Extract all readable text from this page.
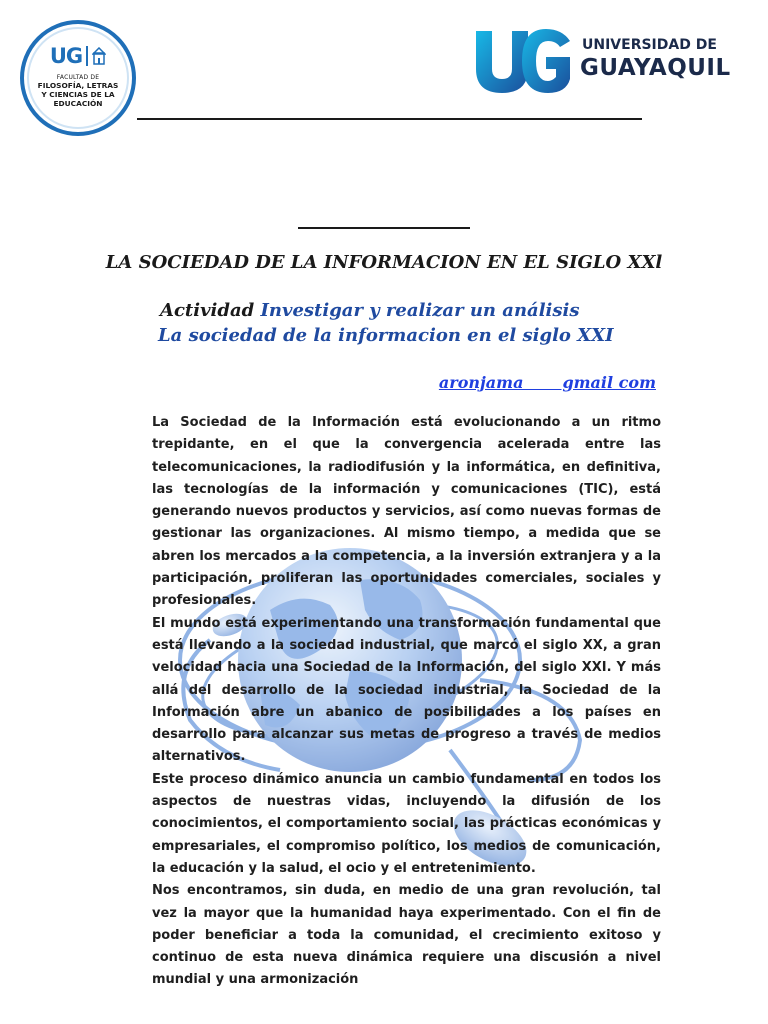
UG
FACULTAD DE
FILOSOFÍA, LETRAS
Y CIENCIAS DE LA
EDUCACIÓN
UNIVERSIDAD DE
GUAYAQUIL
LA SOCIEDAD DE LA INFORMACION EN EL SIGLO XXl
Actividad Investigar y realizar un análisis
La sociedad de la informacion en el siglo XXI
aronjama       gmail com

La Sociedad de la Información está evolucionando a un ritmo trepidante, en el que la convergencia acelerada entre las telecomunicaciones, la radiodifusión y la informática, en definitiva, las tecnologías de la información y comunicaciones (TIC), está generando nuevos productos y servicios, así como nuevas formas de gestionar las organizaciones. Al mismo tiempo, a medida que se abren los mercados a la competencia, a la inversión extranjera y a la participación, proliferan las oportunidades comerciales, sociales y profesionales.

El mundo está experimentando una transformación fundamental que está llevando a la sociedad industrial, que marcó el siglo XX, a gran velocidad hacia una Sociedad de la Información, del siglo XXI. Y más allá del desarrollo de la sociedad industrial, la Sociedad de la Información abre un abanico de posibilidades a los países en desarrollo para alcanzar sus metas de progreso a través de medios alternativos.

Este proceso dinámico anuncia un cambio fundamental en todos los aspectos de nuestras vidas, incluyendo la difusión de los conocimientos, el comportamiento social, las prácticas económicas y empresariales, el compromiso político, los medios de comunicación, la educación y la salud, el ocio y el entretenimiento.

Nos encontramos, sin duda, en medio de una gran revolución, tal vez la mayor que la humanidad haya experimentado. Con el fin de poder beneficiar a toda la comunidad, el crecimiento exitoso y continuo de esta nueva dinámica requiere una discusión a nivel mundial y una armonización
